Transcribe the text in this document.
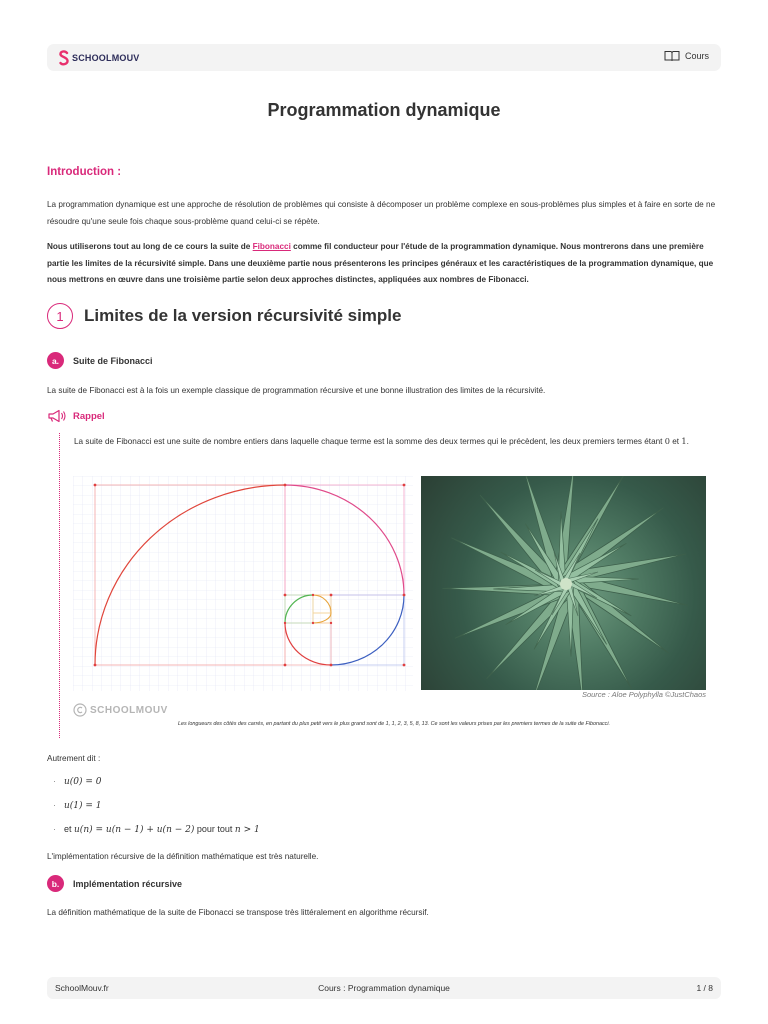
SCHOOLMOUV	Cours
Programmation dynamique
Introduction :
La programmation dynamique est une approche de résolution de problèmes qui consiste à décomposer un problème complexe en sous-problèmes plus simples et à faire en sorte de ne résoudre qu'une seule fois chaque sous-problème quand celui-ci se répète.
Nous utiliserons tout au long de ce cours la suite de Fibonacci comme fil conducteur pour l'étude de la programmation dynamique. Nous montrerons dans une première partie les limites de la récursivité simple. Dans une deuxième partie nous présenterons les principes généraux et les caractéristiques de la programmation dynamique, que nous mettrons en œuvre dans une troisième partie selon deux approches distinctes, appliquées aux nombres de Fibonacci.
1	Limites de la version récursivité simple
a.	Suite de Fibonacci
La suite de Fibonacci est à la fois un exemple classique de programmation récursive et une bonne illustration des limites de la récursivité.
Rappel
La suite de Fibonacci est une suite de nombre entiers dans laquelle chaque terme est la somme des deux termes qui le précèdent, les deux premiers termes étant 0 et 1.
Source : Aloe Polyphylla ©JustChaos
SCHOOLMOUV
Les longueurs des côtés des carrés, en partant du plus petit vers le plus grand sont de 1, 1, 2, 3, 5, 8, 13. Ce sont les valeurs prises par les premiers termes de la suite de Fibonacci.
Autrement dit :
· u(0) = 0
· u(1) = 1
· et u(n) = u(n − 1) + u(n − 2) pour tout n > 1
L'implémentation récursive de la définition mathématique est très naturelle.
b.	Implémentation récursive
La définition mathématique de la suite de Fibonacci se transpose très littéralement en algorithme récursif.
SchoolMouv.fr	Cours : Programmation dynamique	1 / 8
